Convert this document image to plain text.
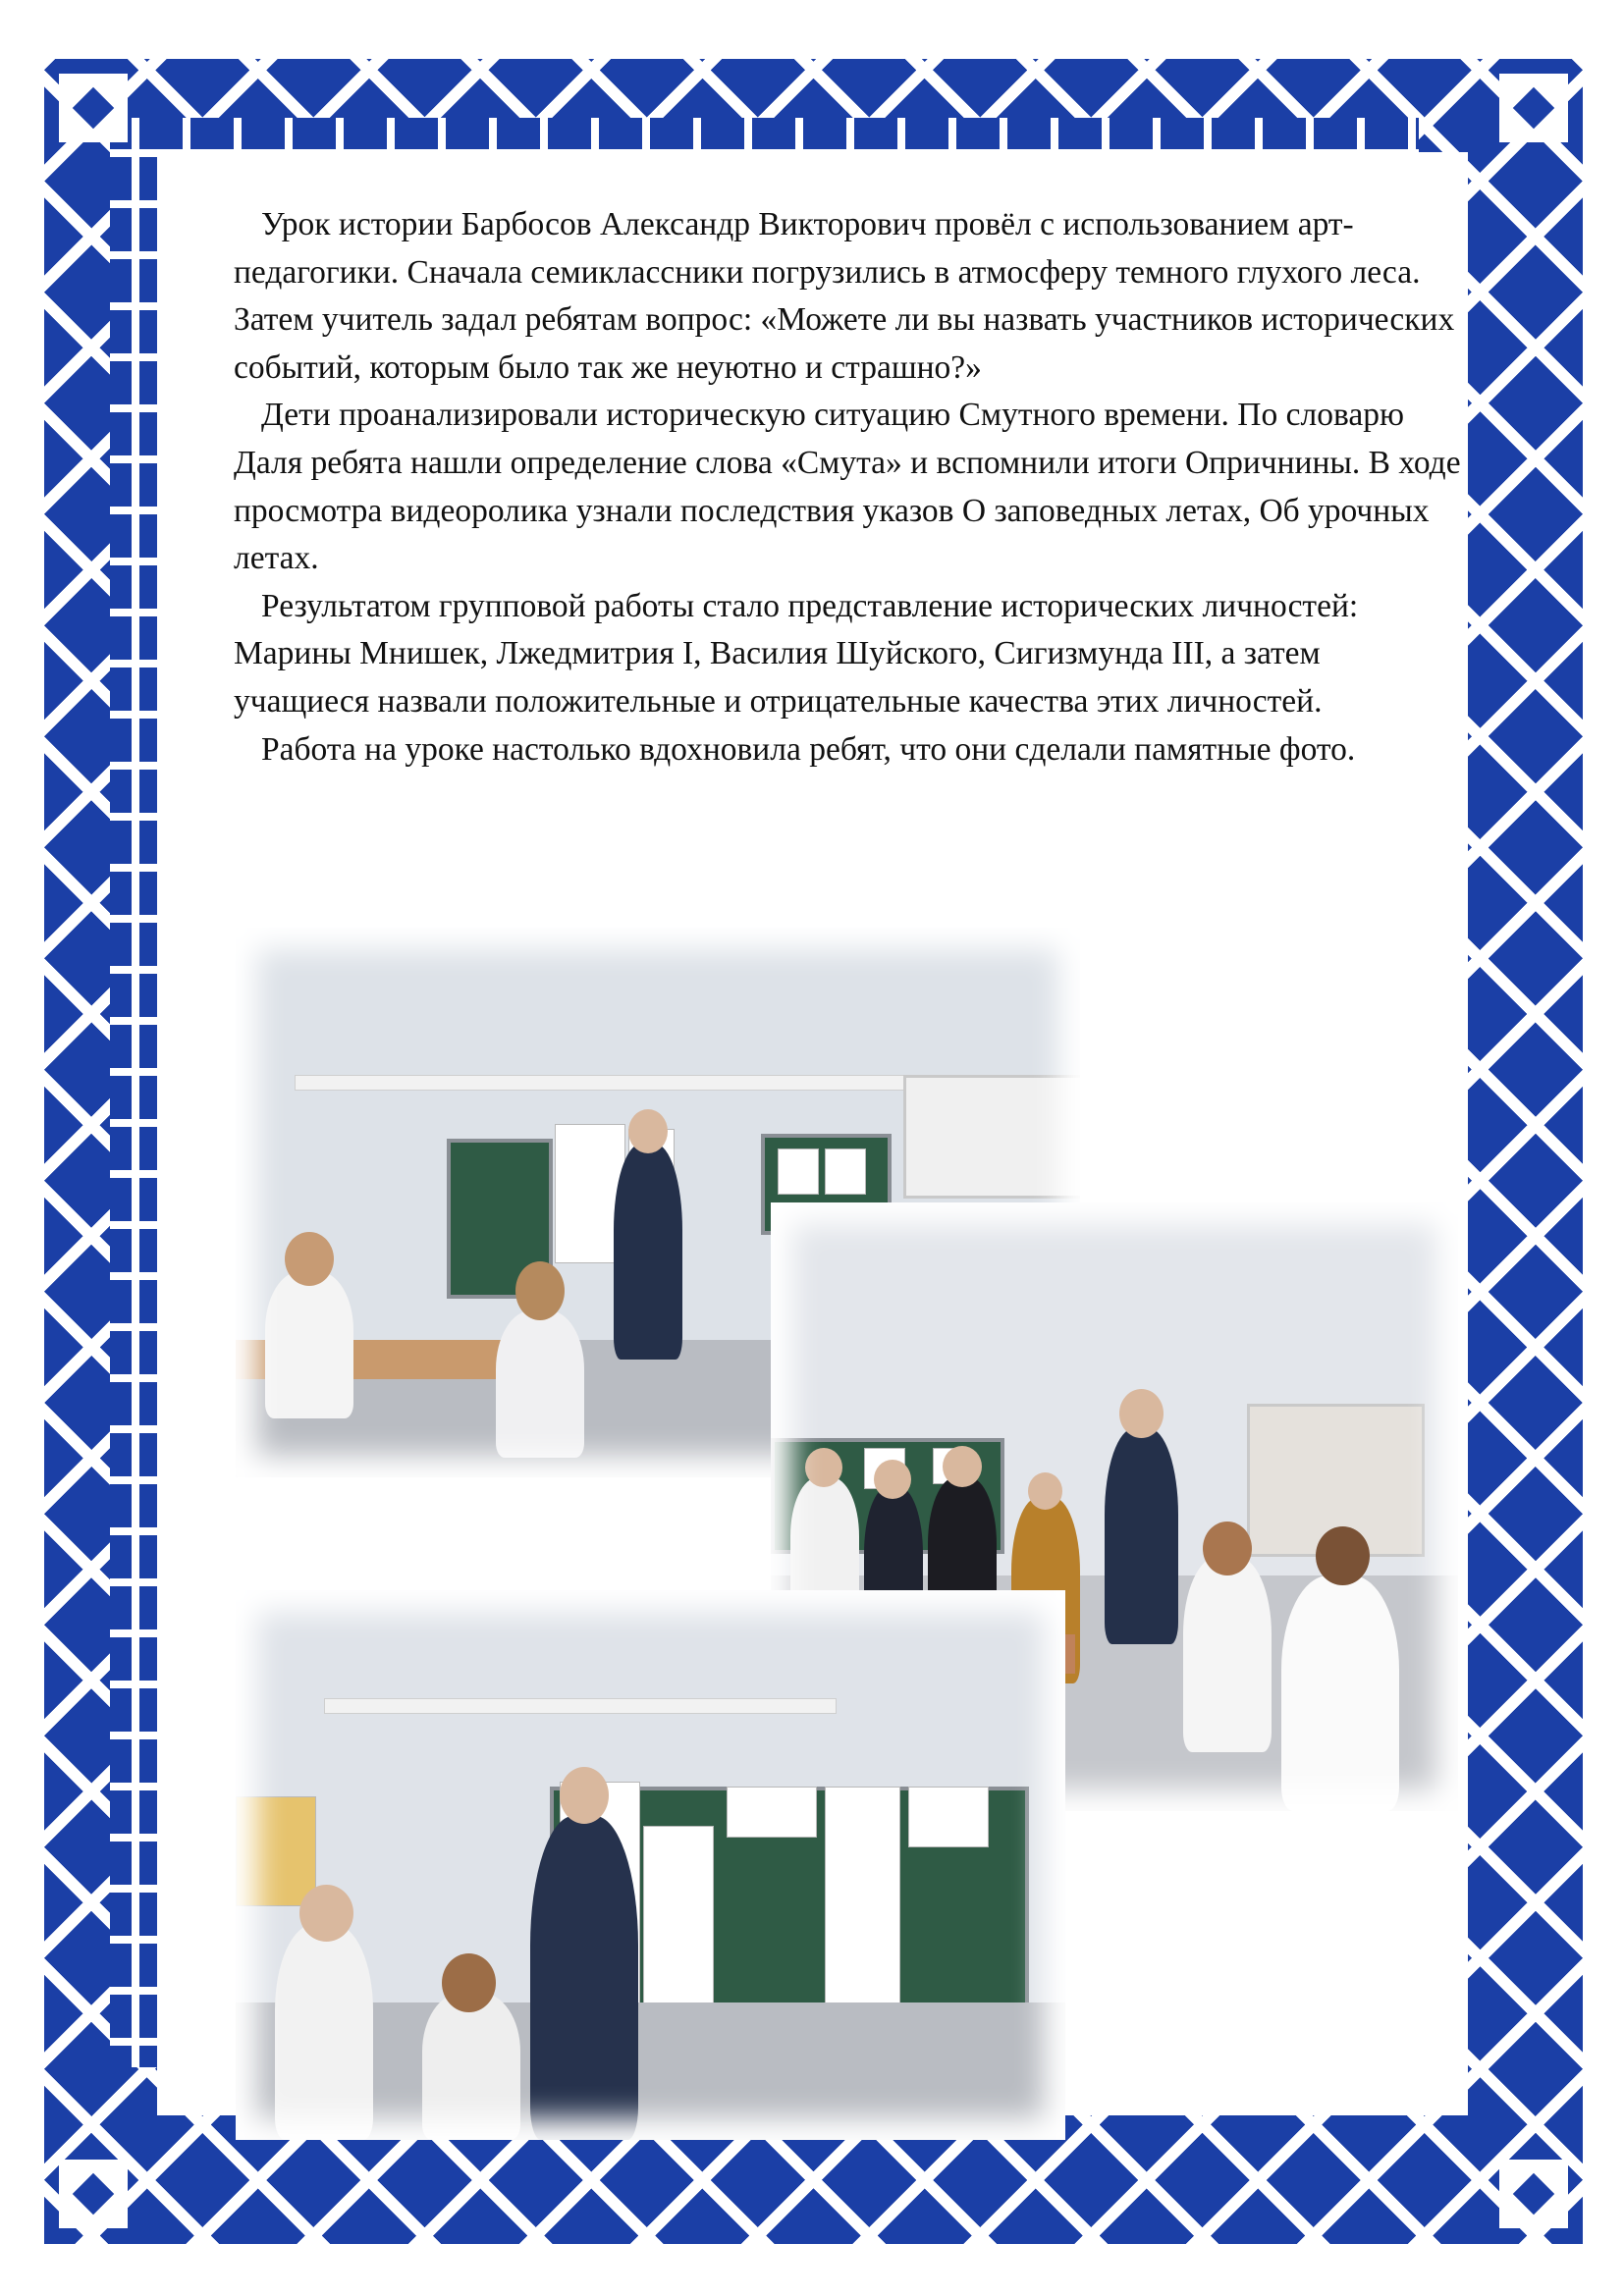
Урок истории Барбосов Александр Викторович провёл с использованием арт-педагогики. Сначала семиклассники погрузились в атмосферу темного глухого леса. Затем учитель задал ребятам вопрос: «Можете ли вы назвать участников исторических событий, которым было так же неуютно и страшно?»

Дети проанализировали историческую ситуацию Смутного времени. По словарю Даля ребята нашли определение слова «Смута» и вспомнили итоги Опричнины. В ходе просмотра видеоролика узнали последствия указов О заповедных летах, Об урочных летах.

Результатом групповой работы стало представление исторических личностей: Марины Мнишек, Лжедмитрия I, Василия Шуйского, Сигизмунда III, а затем учащиеся назвали положительные и отрицательные качества этих личностей.

Работа на уроке настолько вдохновила ребят, что они сделали памятные фото.
